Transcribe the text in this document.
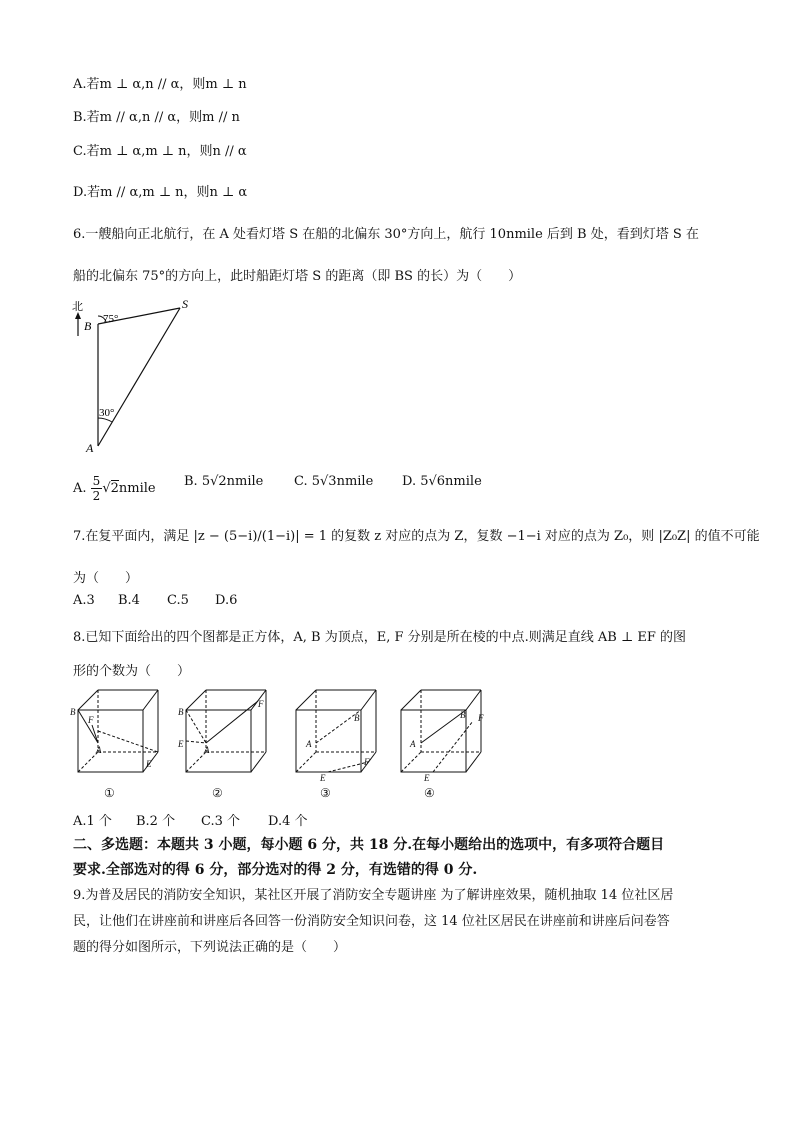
A.若m ⊥ α,n // α，则m ⊥ n
B.若m // α,n // α，则m // n
C.若m ⊥ α,m ⊥ n，则n // α
D.若m // α,m ⊥ n，则n ⊥ α
6.一艘船向正北航行，在 A 处看灯塔 S 在船的北偏东 30°方向上，航行 10nmile 后到 B 处，看到灯塔 S 在
船的北偏东 75°的方向上，此时船距灯塔 S 的距离（即 BS 的长）为（　　）
北
B
S
A
75°
30°
A. $\frac{5}{2}$ √2nmile B. 5√2nmile C. 5√3nmile D. 5√6nmile
7.在复平面内，满足 |z − (5−i)/(1−i)| = 1 的复数 z 对应的点为 Z，复数 −1−i 对应的点为 Z₀，则 |Z₀Z| 的值不可能
为（　　）
A.3 B.4 C.5 D.6
8.已知下面给出的四个图都是正方体，A, B 为顶点，E, F 分别是所在棱的中点.则满足直线 AB ⊥ EF 的图
形的个数为（　　）
B
F
A
E
B
F
A
E
B
A
F
E
B F
A
E
①	②	③	④
A.1 个 B.2 个 C.3 个 D.4 个
二、多选题：本题共 3 小题，每小题 6 分，共 18 分.在每小题给出的选项中，有多项符合题目
要求.全部选对的得 6 分，部分选对的得 2 分，有选错的得 0 分.
9.为普及居民的消防安全知识，某社区开展了消防安全专题讲座 为了解讲座效果，随机抽取 14 位社区居
民，让他们在讲座前和讲座后各回答一份消防安全知识问卷，这 14 位社区居民在讲座前和讲座后问卷答
题的得分如图所示，下列说法正确的是（　　）
